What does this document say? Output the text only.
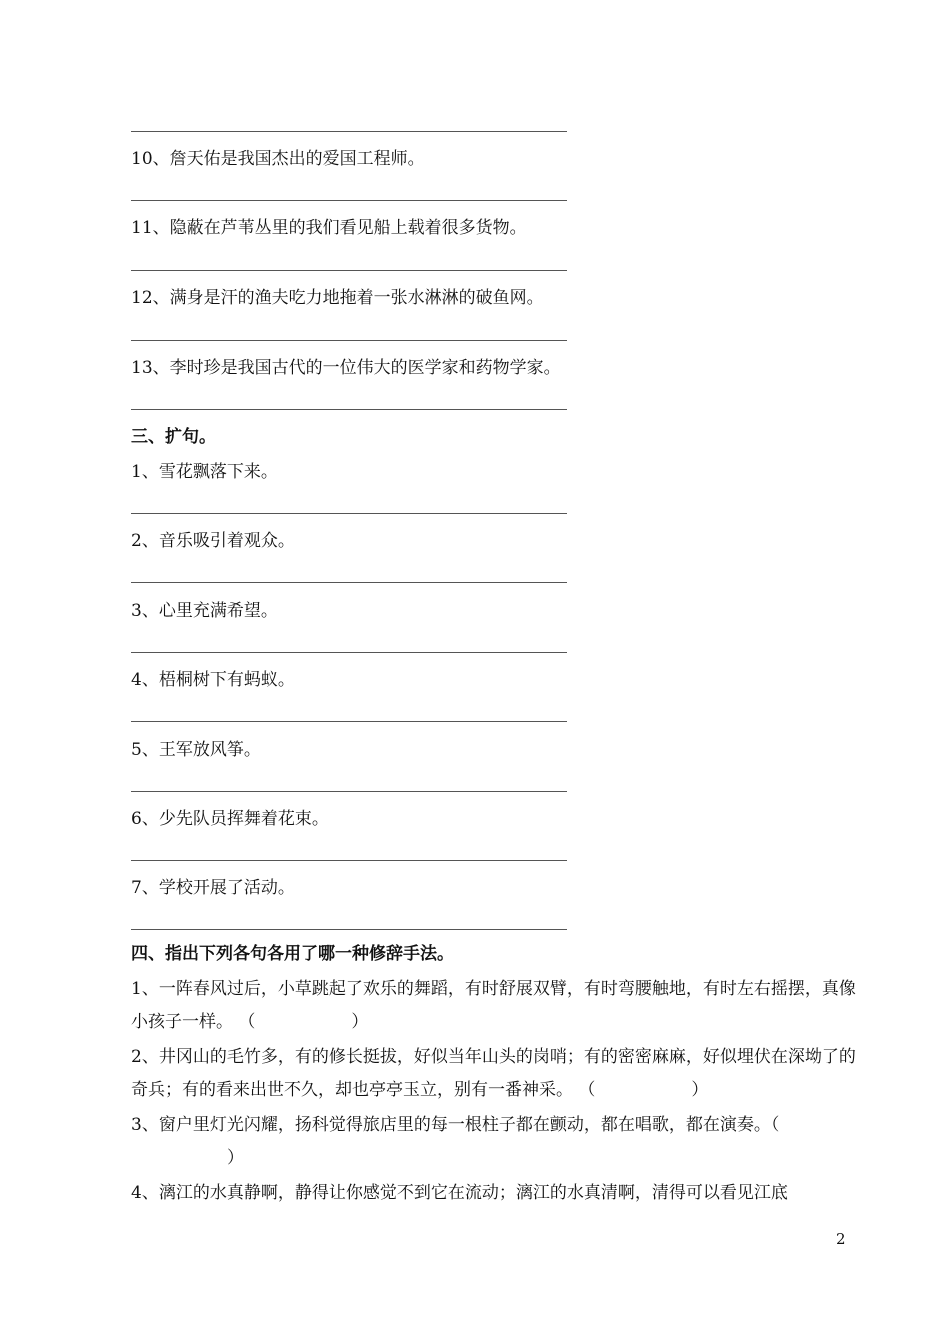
10、詹天佑是我国杰出的爱国工程师。
11、隐蔽在芦苇丛里的我们看见船上载着很多货物。
12、满身是汗的渔夫吃力地拖着一张水淋淋的破鱼网。
13、李时珍是我国古代的一位伟大的医学家和药物学家。
三、扩句。
1、雪花飘落下来。
2、音乐吸引着观众。
3、心里充满希望。
4、梧桐树下有蚂蚁。
5、王军放风筝。
6、少先队员挥舞着花束。
7、学校开展了活动。
四、指出下列各句各用了哪一种修辞手法。
1、一阵春风过后，小草跳起了欢乐的舞蹈，有时舒展双臂，有时弯腰触地，有时左右摇摆，真像小孩子一样。 （	）
2、井冈山的毛竹多，有的修长挺拔，好似当年山头的岗哨；有的密密麻麻，好似埋伏在深坳了的奇兵；有的看来出世不久，却也亭亭玉立，别有一番神采。 （	）
3、窗户里灯光闪耀，扬科觉得旅店里的每一根柱子都在颤动，都在唱歌，都在演奏。（）
4、漓江的水真静啊，静得让你感觉不到它在流动；漓江的水真清啊，清得可以看见江底
2
